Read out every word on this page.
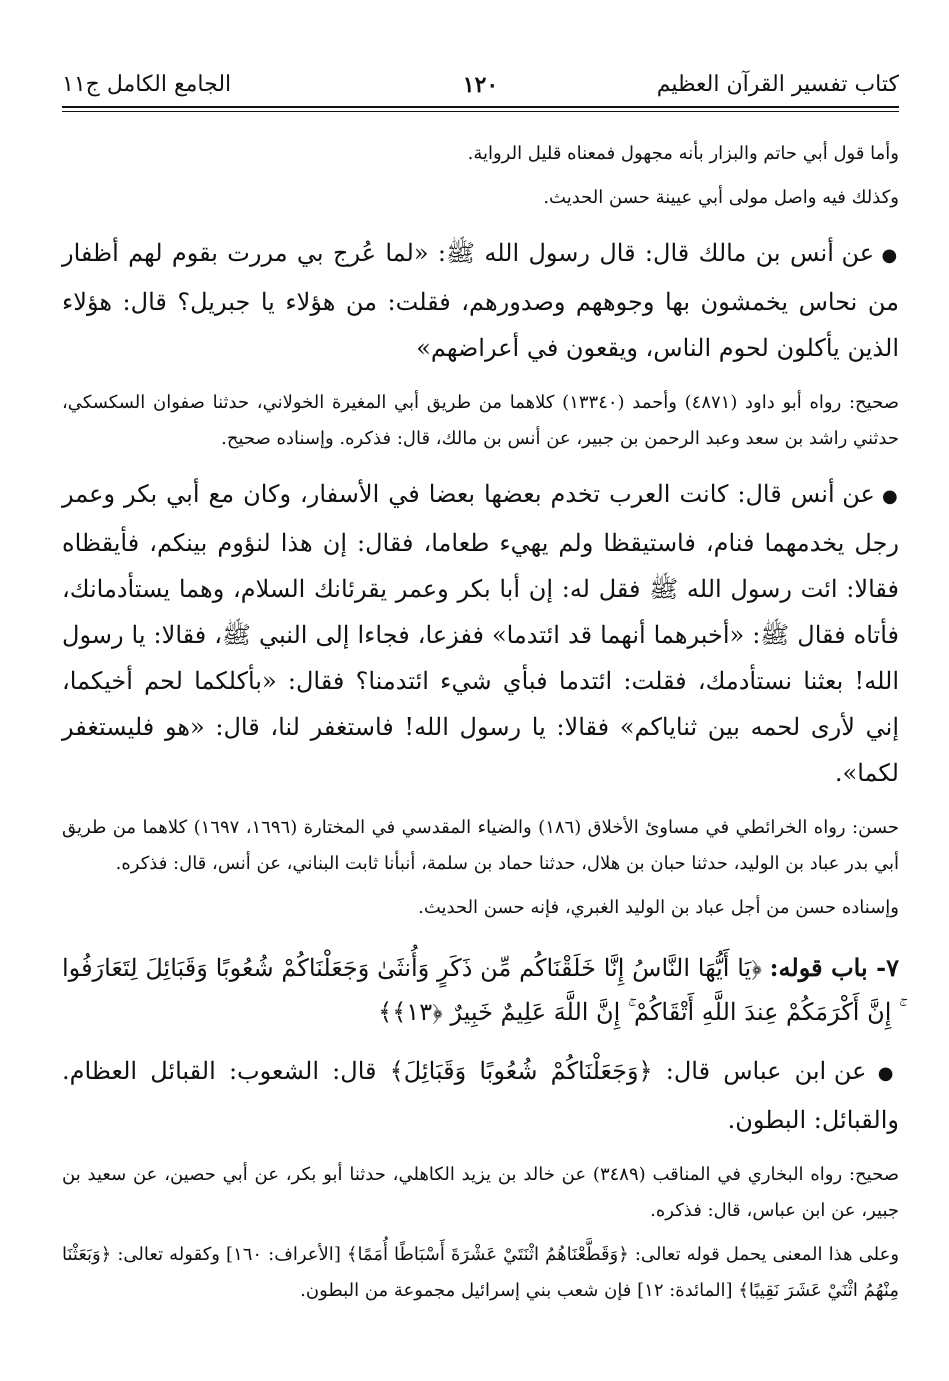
كتاب تفسير القرآن العظيم
١٢٠
الجامع الكامل ج١١

وأما قول أبي حاتم والبزار بأنه مجهول فمعناه قليل الرواية.

وكذلك فيه واصل مولى أبي عيينة حسن الحديث.

● عن أنس بن مالك قال: قال رسول الله ﷺ: «لما عُرج بي مررت بقوم لهم أظفار من نحاس يخمشون بها وجوههم وصدورهم، فقلت: من هؤلاء يا جبريل؟ قال: هؤلاء الذين يأكلون لحوم الناس، ويقعون في أعراضهم»

صحيح: رواه أبو داود (٤٨٧١) وأحمد (١٣٣٤٠) كلاهما من طريق أبي المغيرة الخولاني، حدثنا صفوان السكسكي، حدثني راشد بن سعد وعبد الرحمن بن جبير، عن أنس بن مالك، قال: فذكره. وإسناده صحيح.

● عن أنس قال: كانت العرب تخدم بعضها بعضا في الأسفار، وكان مع أبي بكر وعمر رجل يخدمهما فنام، فاستيقظا ولم يهيء طعاما، فقال: إن هذا لنؤوم بينكم، فأيقظاه فقالا: ائت رسول الله ﷺ فقل له: إن أبا بكر وعمر يقرئانك السلام، وهما يستأدمانك، فأتاه فقال ﷺ: «أخبرهما أنهما قد ائتدما» ففزعا، فجاءا إلى النبي ﷺ، فقالا: يا رسول الله! بعثنا نستأدمك، فقلت: ائتدما فبأي شيء ائتدمنا؟ فقال: «بأكلكما لحم أخيكما، إني لأرى لحمه بين ثناياكم» فقالا: يا رسول الله! فاستغفر لنا، قال: «هو فليستغفر لكما».

حسن: رواه الخرائطي في مساوئ الأخلاق (١٨٦) والضياء المقدسي في المختارة (١٦٩٦، ١٦٩٧) كلاهما من طريق أبي بدر عباد بن الوليد، حدثنا حبان بن هلال، حدثنا حماد بن سلمة، أنبأنا ثابت البناني، عن أنس، قال: فذكره.

وإسناده حسن من أجل عباد بن الوليد الغبري، فإنه حسن الحديث.

٧- باب قوله: ﴿يَا أَيُّهَا النَّاسُ إِنَّا خَلَقْنَاكُم مِّن ذَكَرٍ وَأُنثَىٰ وَجَعَلْنَاكُمْ شُعُوبًا وَقَبَائِلَ لِتَعَارَفُوا ۚ إِنَّ أَكْرَمَكُمْ عِندَ اللَّهِ أَتْقَاكُمْ ۚ إِنَّ اللَّهَ عَلِيمٌ خَبِيرٌ ﴿١٣﴾﴾

● عن ابن عباس قال: ﴿وَجَعَلْنَاكُمْ شُعُوبًا وَقَبَائِلَ﴾ قال: الشعوب: القبائل العظام. والقبائل: البطون.

صحيح: رواه البخاري في المناقب (٣٤٨٩) عن خالد بن يزيد الكاهلي، حدثنا أبو بكر، عن أبي حصين، عن سعيد بن جبير، عن ابن عباس، قال: فذكره.

وعلى هذا المعنى يحمل قوله تعالى: ﴿وَقَطَّعْنَاهُمُ اثْنَتَيْ عَشْرَةَ أَسْبَاطًا أُمَمًا﴾ [الأعراف: ١٦٠] وكقوله تعالى: ﴿وَبَعَثْنَا مِنْهُمُ اثْنَيْ عَشَرَ نَقِيبًا﴾ [المائدة: ١٢] فإن شعب بني إسرائيل مجموعة من البطون.
